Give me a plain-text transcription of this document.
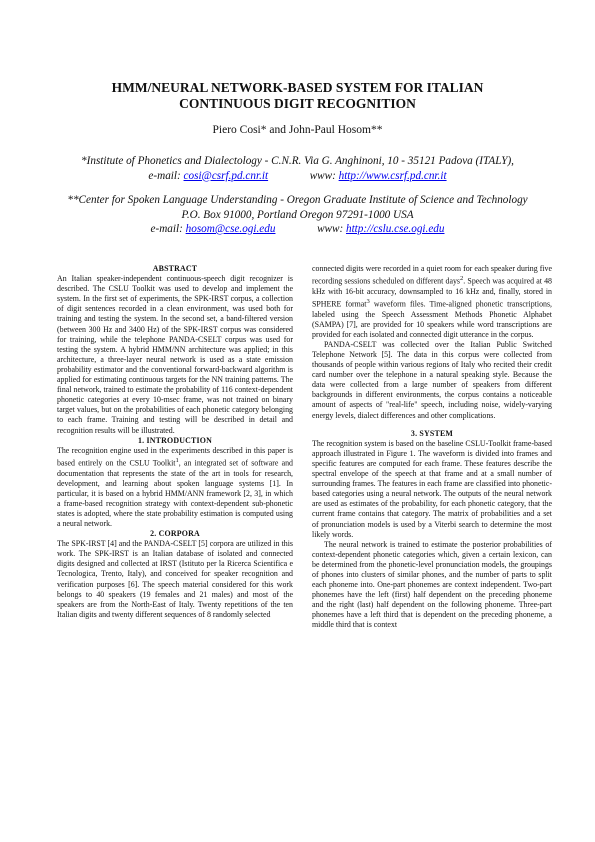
HMM/NEURAL NETWORK-BASED SYSTEM FOR ITALIAN
CONTINUOUS DIGIT RECOGNITION
Piero Cosi* and John-Paul Hosom**
*Institute of Phonetics and Dialectology - C.N.R. Via G. Anghinoni, 10 - 35121 Padova (ITALY),
e-mail: cosi@csrf.pd.cnr.it	www: http://www.csrf.pd.cnr.it
**Center for Spoken Language Understanding - Oregon Graduate Institute of Science and Technology
P.O. Box 91000, Portland Oregon 97291-1000 USA
e-mail: hosom@cse.ogi.edu	www: http://cslu.cse.ogi.edu

ABSTRACT

An Italian speaker-independent continuous-speech digit recognizer is described. The CSLU Toolkit was used to develop and implement the system. In the first set of experiments, the SPK-IRST corpus, a collection of digit sentences recorded in a clean environment, was used both for training and testing the system. In the second set, a band-filtered version (between 300 Hz and 3400 Hz) of the SPK-IRST corpus was considered for training, while the telephone PANDA-CSELT corpus was used for testing the system. A hybrid HMM/NN architecture was applied; in this architecture, a three-layer neural network is used as a state emission probability estimator and the conventional forward-backward algorithm is applied for estimating continuous targets for the NN training patterns. The final network, trained to estimate the probability of 116 context-dependent phonetic categories at every 10-msec frame, was not trained on binary target values, but on the probabilities of each phonetic category belonging to each frame. Training and testing will be described in detail and recognition results will be illustrated.

1. INTRODUCTION

The recognition engine used in the experiments described in this paper is based entirely on the CSLU Toolkit$^1$, an integrated set of software and documentation that represents the state of the art in tools for research, development, and learning about spoken language systems [1]. In particular, it is based on a hybrid HMM/ANN framework [2, 3], in which a frame-based recognition strategy with context-dependent sub-phonetic states is adopted, where the state probability estimation is computed using a neural network.

2. CORPORA

The SPK-IRST [4] and the PANDA-CSELT [5] corpora are utilized in this work. The SPK-IRST is an Italian database of isolated and connected digits designed and collected at IRST (Istituto per la Ricerca Scientifica e Tecnologica, Trento, Italy), and conceived for speaker recognition and verification purposes [6]. The speech material considered for this work belongs to 40 speakers (19 females and 21 males) and most of the speakers are from the North-East of Italy. Twenty repetitions of the ten Italian digits and twenty different sequences of 8 randomly selected

connected digits were recorded in a quiet room for each speaker during five recording sessions scheduled on different days$^2$. Speech was acquired at 48 kHz with 16-bit accuracy, downsampled to 16 kHz and, finally, stored in SPHERE format$^3$ waveform files. Time-aligned phonetic transcriptions, labeled using the Speech Assessment Methods Phonetic Alphabet (SAMPA) [7], are provided for 10 speakers while word transcriptions are provided for each isolated and connected digit utterance in the corpus.

PANDA-CSELT was collected over the Italian Public Switched Telephone Network [5]. The data in this corpus were collected from thousands of people within various regions of Italy who recited their credit card number over the telephone in a natural speaking style. Because the data were collected from a large number of speakers from different backgrounds in different environments, the corpus contains a noticeable amount of aspects of "real-life" speech, including noise, widely-varying energy levels, dialect differences and other complications.

3. SYSTEM

The recognition system is based on the baseline CSLU-Toolkit frame-based approach illustrated in Figure 1. The waveform is divided into frames and specific features are computed for each frame. These features describe the spectral envelope of the speech at that frame and at a small number of surrounding frames. The features in each frame are classified into phonetic-based categories using a neural network. The outputs of the neural network are used as estimates of the probability, for each phonetic category, that the current frame contains that category. The matrix of probabilities and a set of pronunciation models is used by a Viterbi search to determine the most likely words.

The neural network is trained to estimate the posterior probabilities of context-dependent phonetic categories which, given a certain lexicon, can be determined from the phonetic-level pronunciation models, the groupings of phones into clusters of similar phones, and the number of parts to split each phoneme into. One-part phonemes are context independent. Two-part phonemes have the left (first) half dependent on the preceding phoneme and the right (last) half dependent on the following phoneme. Three-part phonemes have a left third that is dependent on the preceding phoneme, a middle third that is context
